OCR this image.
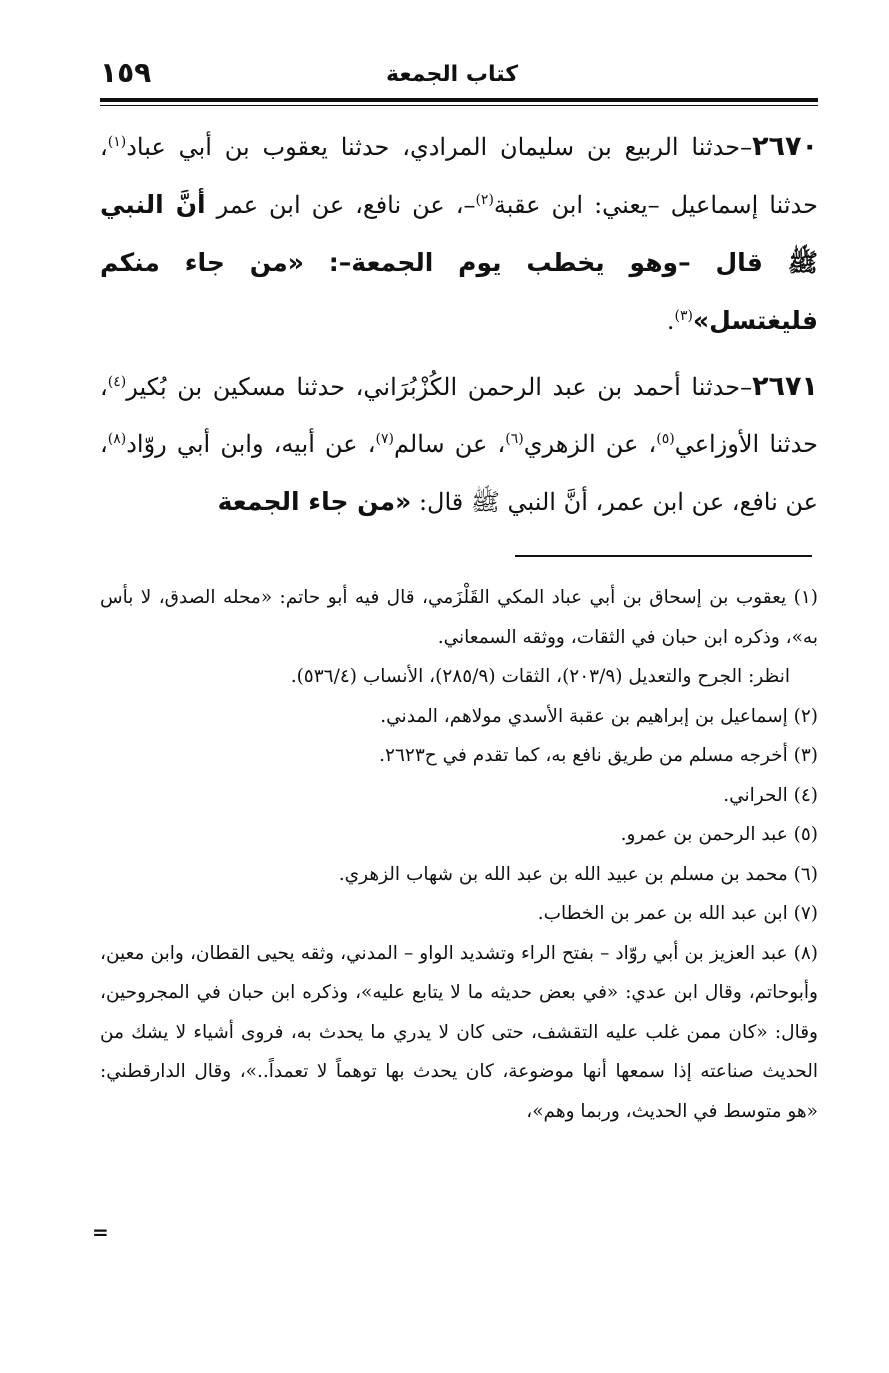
كتاب الجمعة
١٥٩

٢٦٧٠–حدثنا الربيع بن سليمان المرادي، حدثنا يعقوب بن أبي عباد$^{(١)}$، حدثنا إسماعيل –يعني: ابن عقبة$^{(٢)}$–، عن نافع، عن ابن عمر أنَّ النبي ﷺ قال –وهو يخطب يوم الجمعة–: «من جاء منكم فليغتسل»$^{(٣)}$.

٢٦٧١–حدثنا أحمد بن عبد الرحمن الكُزْبُرَاني، حدثنا مسكين بن بُكير$^{(٤)}$، حدثنا الأوزاعي$^{(٥)}$، عن الزهري$^{(٦)}$، عن سالم$^{(٧)}$، عن أبيه، وابن أبي روّاد$^{(٨)}$، عن نافع، عن ابن عمر، أنَّ النبي ﷺ قال: «من جاء الجمعة

(١) يعقوب بن إسحاق بن أبي عباد المكي القَلْزَمي، قال فيه أبو حاتم: «محله الصدق، لا بأس به»، وذكره ابن حبان في الثقات، ووثقه السمعاني.

انظر: الجرح والتعديل (٢٠٣/٩)، الثقات (٢٨٥/٩)، الأنساب (٥٣٦/٤).

(٢) إسماعيل بن إبراهيم بن عقبة الأسدي مولاهم، المدني.

(٣) أخرجه مسلم من طريق نافع به، كما تقدم في ح٢٦٢٣.

(٤) الحراني.

(٥) عبد الرحمن بن عمرو.

(٦) محمد بن مسلم بن عبيد الله بن عبد الله بن شهاب الزهري.

(٧) ابن عبد الله بن عمر بن الخطاب.

(٨) عبد العزيز بن أبي روّاد – بفتح الراء وتشديد الواو – المدني، وثقه يحيى القطان، وابن معين، وأبوحاتم، وقال ابن عدي: «في بعض حديثه ما لا يتابع عليه»، وذكره ابن حبان في المجروحين، وقال: «كان ممن غلب عليه التقشف، حتى كان لا يدري ما يحدث به، فروى أشياء لا يشك من الحديث صناعته إذا سمعها أنها موضوعة، كان يحدث بها توهماً لا تعمداً..»، وقال الدارقطني: «هو متوسط في الحديث، وربما وهم»،

=
